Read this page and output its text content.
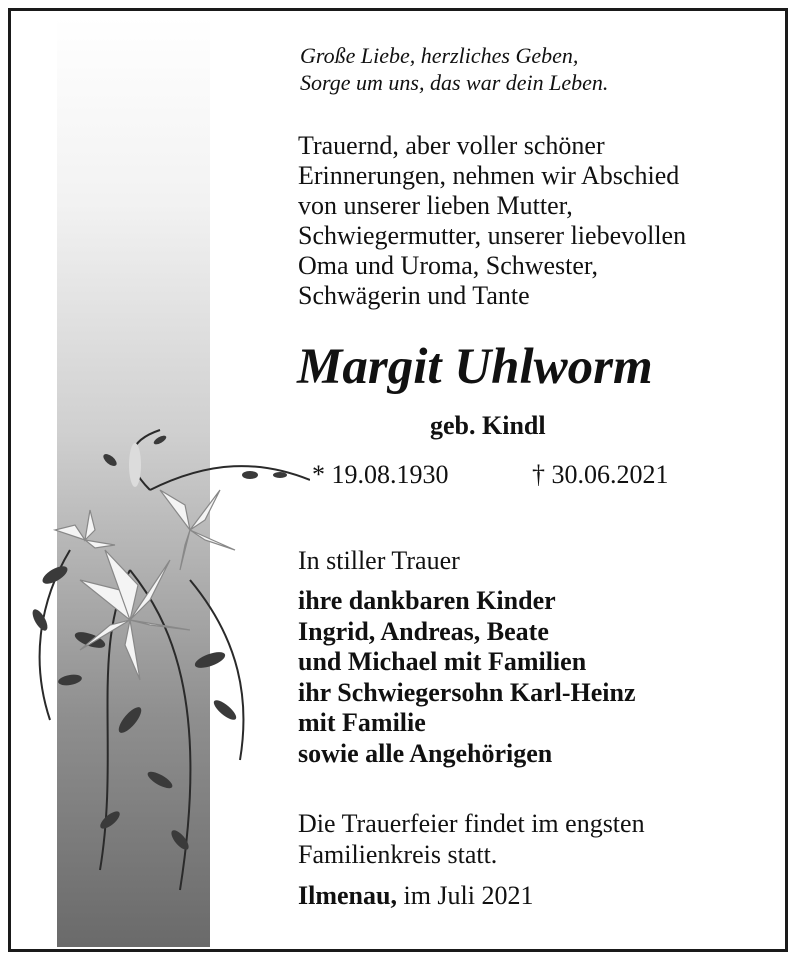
Große Liebe, herzliches Geben,
Sorge um uns, das war dein Leben.
Trauernd, aber voller schöner
Erinnerungen, nehmen wir Abschied
von unserer lieben Mutter,
Schwiegermutter, unserer liebevollen
Oma und Uroma, Schwester,
Schwägerin und Tante
Margit Uhlworm
geb. Kindl
* 19.08.1930	† 30.06.2021
In stiller Trauer
ihre dankbaren Kinder
Ingrid, Andreas, Beate
und Michael mit Familien
ihr Schwiegersohn Karl-Heinz
mit Familie
sowie alle Angehörigen
Die Trauerfeier findet im engsten
Familienkreis statt.
Ilmenau, im Juli 2021
